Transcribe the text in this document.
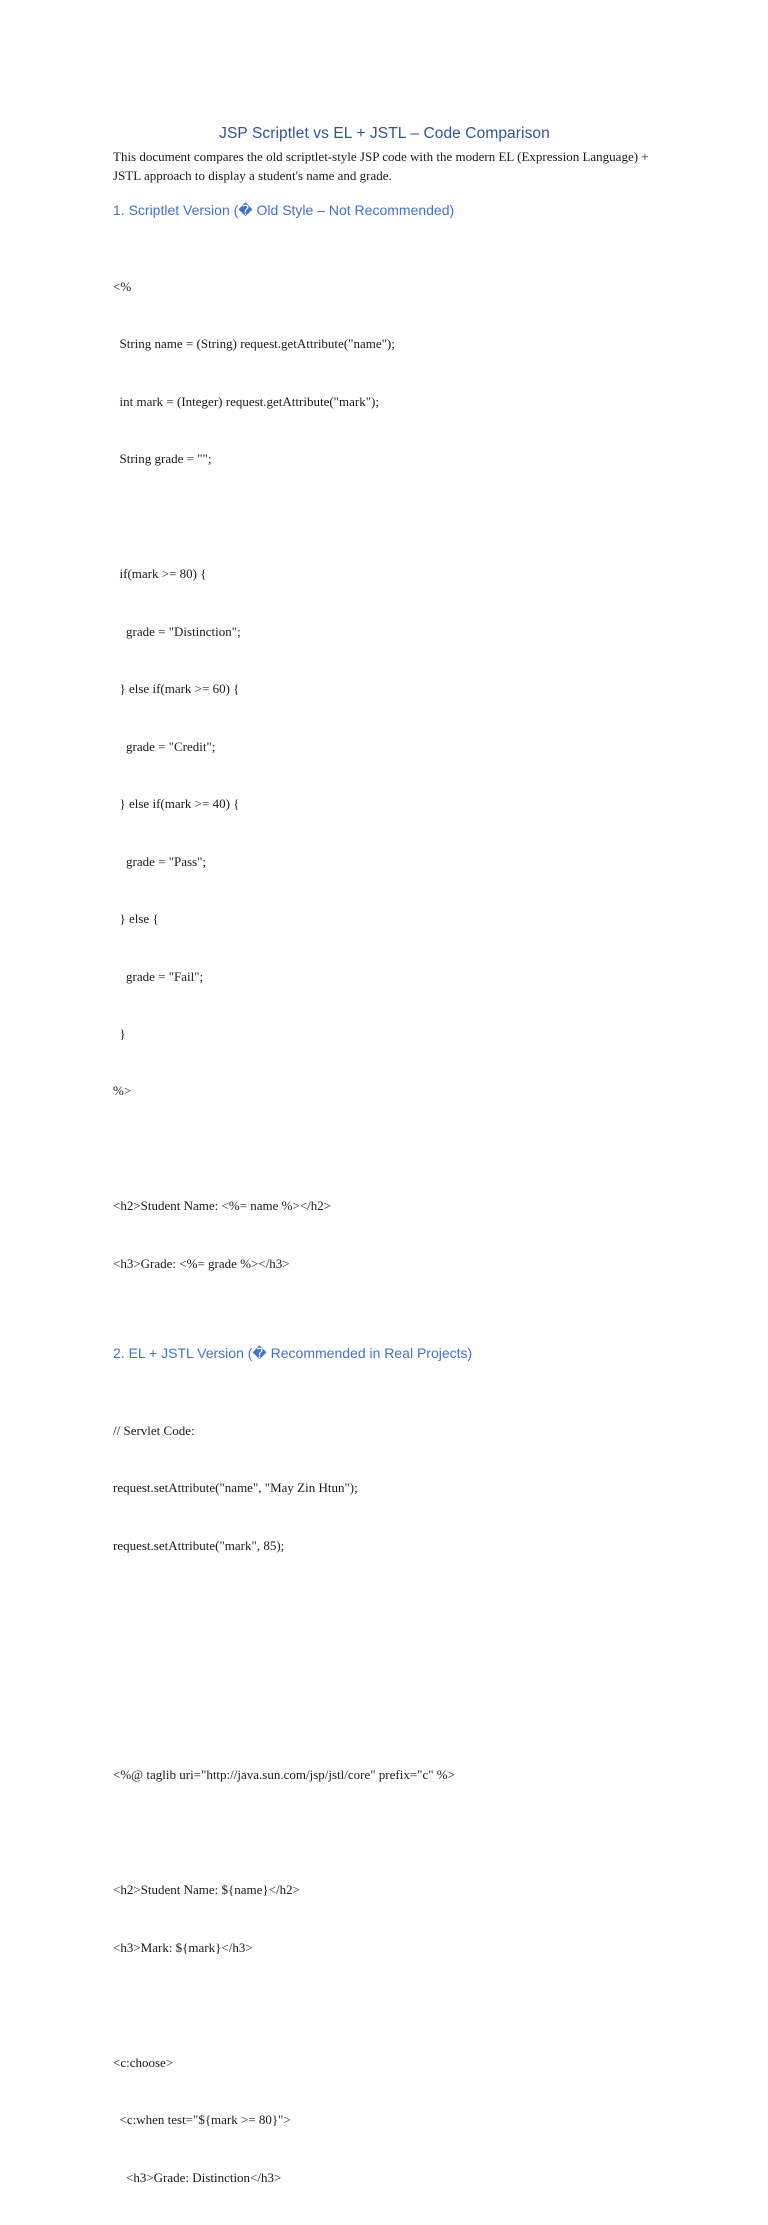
JSP Scriptlet vs EL + JSTL – Code Comparison

This document compares the old scriptlet-style JSP code with the modern EL (Expression Language) + JSTL approach to display a student's name and grade.

1. Scriptlet Version (� Old Style – Not Recommended)

<%

String name = (String) request.getAttribute("name");

int mark = (Integer) request.getAttribute("mark");

String grade = "";

if(mark >= 80) {

grade = "Distinction";

} else if(mark >= 60) {

grade = "Credit";

} else if(mark >= 40) {

grade = "Pass";

} else {

grade = "Fail";

}

%>

<h2>Student Name: <%= name %></h2>

<h3>Grade: <%= grade %></h3>

2. EL + JSTL Version (� Recommended in Real Projects)

// Servlet Code:

request.setAttribute("name", "May Zin Htun");

request.setAttribute("mark", 85);

<%@ taglib uri="http://java.sun.com/jsp/jstl/core" prefix="c" %>

<h2>Student Name: ${name}</h2>

<h3>Mark: ${mark}</h3>

<c:choose>

<c:when test="${mark >= 80}">

<h3>Grade: Distinction</h3>
